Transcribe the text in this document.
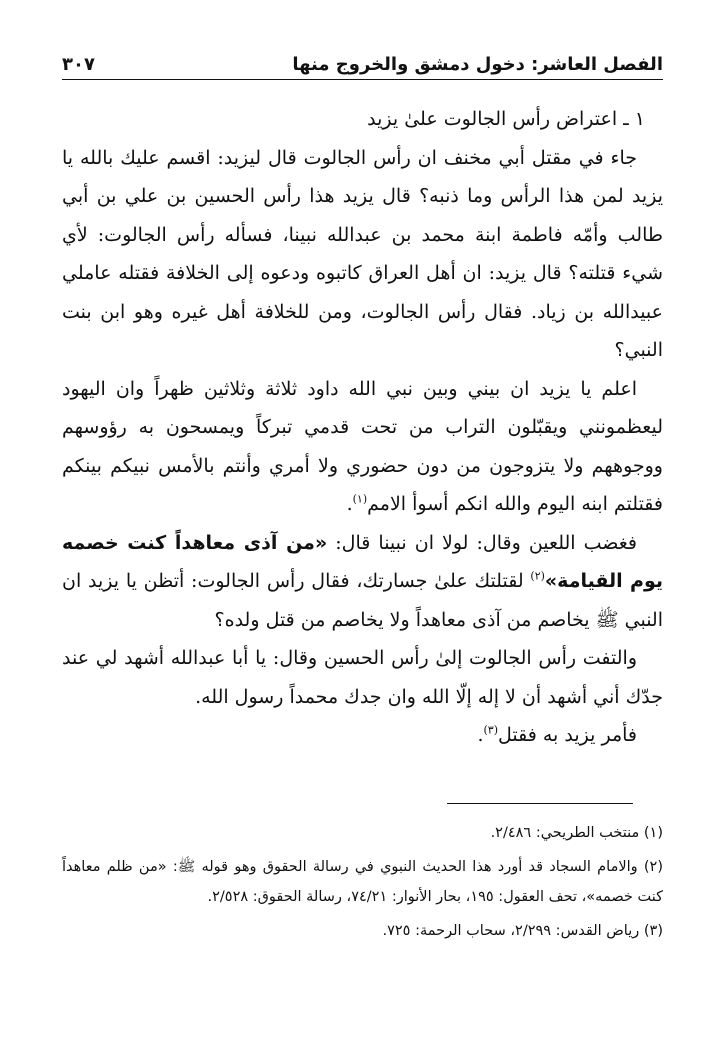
الفصل العاشر: دخول دمشق والخروج منها
٣٠٧

١ ـ اعتراض رأس الجالوت علىٰ يزيد

جاء في مقتل أبي مخنف ان رأس الجالوت قال ليزيد: اقسم عليك بالله يا يزيد لمن هذا الرأس وما ذنبه؟ قال يزيد هذا رأس الحسين بن علي بن أبي طالب وأمّه فاطمة ابنة محمد بن عبدالله نبينا، فسأله رأس الجالوت: لأي شيء قتلته؟ قال يزيد: ان أهل العراق كاتبوه ودعوه إلى الخلافة فقتله عاملي عبيدالله بن زياد. فقال رأس الجالوت، ومن للخلافة أهل غيره وهو ابن بنت النبي؟

اعلم يا يزيد ان بيني وبين نبي الله داود ثلاثة وثلاثين ظهراً وان اليهود ليعظمونني ويقبّلون التراب من تحت قدمي تبركاً ويمسحون به رؤوسهم ووجوههم ولا يتزوجون من دون حضوري ولا أمري وأنتم بالأمس نبيكم بينكم فقتلتم ابنه اليوم والله انكم أسوأ الامم$^{(١)}$.

فغضب اللعين وقال: لولا ان نبينا قال: «من آذى معاهداً كنت خصمه يوم القيامة»$^{(٢)}$ لقتلتك علىٰ جسارتك، فقال رأس الجالوت: أتظن يا يزيد ان النبي ﷺ يخاصم من آذى معاهداً ولا يخاصم من قتل ولده؟

والتفت رأس الجالوت إلىٰ رأس الحسين وقال: يا أبا عبدالله أشهد لي عند جدّك أني أشهد أن لا إله إلّا الله وان جدك محمداً رسول الله.

فأمر يزيد به فقتل$^{(٣)}$.

(١) منتخب الطريحي: ٢/٤٨٦.

(٢) والامام السجاد قد أورد هذا الحديث النبوي في رسالة الحقوق وهو قوله ﷺ: «من ظلم معاهداً كنت خصمه»، تحف العقول: ١٩٥، بحار الأنوار: ٧٤/٢١، رسالة الحقوق: ٢/٥٢٨.

(٣) رياض القدس: ٢/٢٩٩، سحاب الرحمة: ٧٢٥.
